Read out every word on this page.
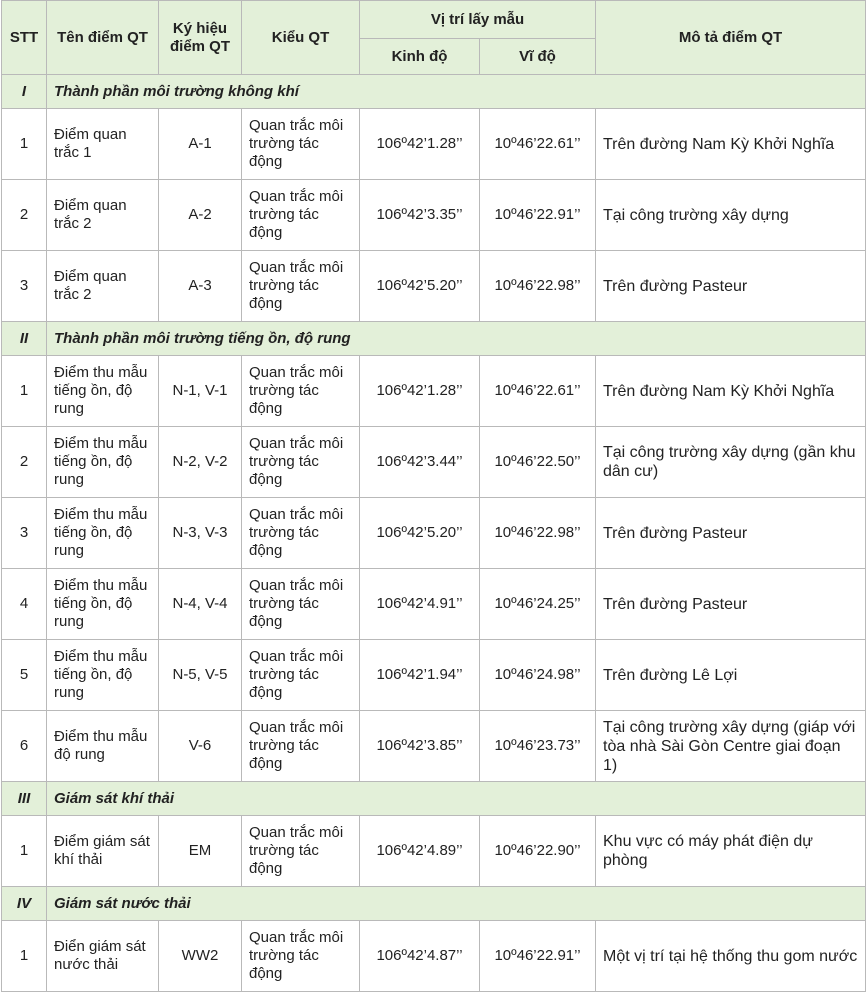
STT	Tên điểm QT	Ký hiệu điểm QT	Kiểu QT	Vị trí lấy mẫu		Mô tả điểm QT
				Kinh độ	Vĩ độ	
I	Thành phần môi trường không khí					
1	Điểm quan trắc 1	A-1	Quan trắc môi trường tác động	106º42’1.28’’	10º46’22.61’’	Trên đường Nam Kỳ Khởi Nghĩa
2	Điểm quan trắc 2	A-2	Quan trắc môi trường tác động	106º42’3.35’’	10º46’22.91’’	Tại công trường xây dựng
3	Điểm quan trắc 2	A-3	Quan trắc môi trường tác động	106º42’5.20’’	10º46’22.98’’	Trên đường Pasteur
II	Thành phần môi trường tiếng ồn, độ rung					
1	Điểm thu mẫu tiếng ồn, độ rung	N-1, V-1	Quan trắc môi trường tác động	106º42’1.28’’	10º46’22.61’’	Trên đường Nam Kỳ Khởi Nghĩa
2	Điểm thu mẫu tiếng ồn, độ rung	N-2, V-2	Quan trắc môi trường tác động	106º42’3.44’’	10º46’22.50’’	Tại công trường xây dựng (gần khu dân cư)
3	Điểm thu mẫu tiếng ồn, độ rung	N-3, V-3	Quan trắc môi trường tác động	106º42’5.20’’	10º46’22.98’’	Trên đường Pasteur
4	Điểm thu mẫu tiếng ồn, độ rung	N-4, V-4	Quan trắc môi trường tác động	106º42’4.91’’	10º46’24.25’’	Trên đường Pasteur
5	Điểm thu mẫu tiếng ồn, độ rung	N-5, V-5	Quan trắc môi trường tác động	106º42’1.94’’	10º46’24.98’’	Trên đường Lê Lợi
6	Điểm thu mẫu độ rung	V-6	Quan trắc môi trường tác động	106º42’3.85’’	10º46’23.73’’	Tại công trường xây dựng (giáp với tòa nhà Sài Gòn Centre giai đoạn 1)
III	Giám sát khí thải					
1	Điểm giám sát khí thải	EM	Quan trắc môi trường tác động	106º42’4.89’’	10º46’22.90’’	Khu vực có máy phát điện dự phòng
IV	Giám sát nước thải					
1	Điển giám sát nước thải	WW2	Quan trắc môi trường tác động	106º42’4.87’’	10º46’22.91’’	Một vị trí tại hệ thống thu gom nước
